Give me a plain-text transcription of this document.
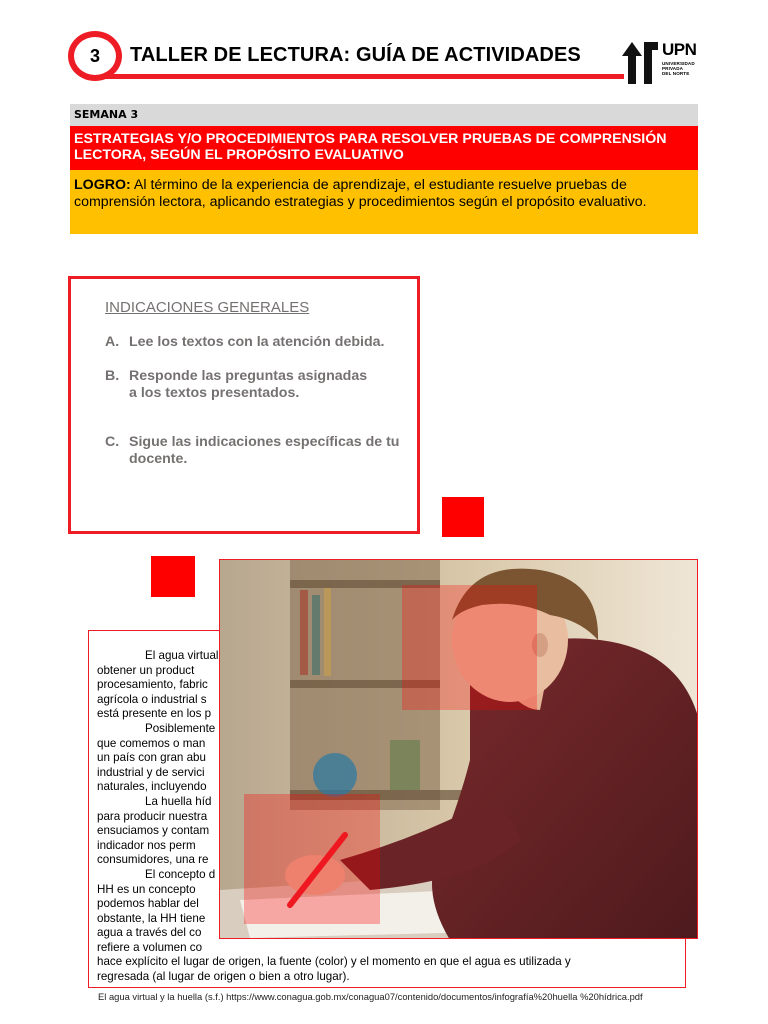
3 TALLER DE LECTURA: GUÍA DE ACTIVIDADES	UPN
UNIVERSIDAD
PRIVADA
DEL NORTE
SEMANA 3
ESTRATEGIAS Y/O PROCEDIMIENTOS PARA RESOLVER PRUEBAS DE COMPRENSIÓN LECTORA, SEGÚN EL PROPÓSITO EVALUATIVO
LOGRO: Al término de la experiencia de aprendizaje, el estudiante resuelve pruebas de comprensión lectora, aplicando estrategias y procedimientos según el propósito evaluativo.
INDICACIONES GENERALES
A. Lee los textos con la atención debida.
B. Responde las preguntas asignadas a los textos presentados.
C. Sigue las indicaciones específicas de tu docente.
El agua virtual
obtener un product
procesamiento, fabric
agrícola o industrial s
está presente en los p
Posiblemente
que comemos o man
un país con gran abu
industrial y de servici
naturales, incluyendo
La huella híd
para producir nuestra
ensuciamos y contam
indicador nos perm
consumidores, una re
El concepto d
HH es un concepto
podemos hablar del
obstante, la HH tiene
agua a través del co
refiere a volumen co
hace explícito el lugar de origen, la fuente (color) y el momento en que el agua es utilizada y
regresada (al lugar de origen o bien a otro lugar).
El agua virtual y la huella (s.f.) https://www.conagua.gob.mx/conagua07/contenido/documentos/infografía%20huella %20hídrica.pdf
